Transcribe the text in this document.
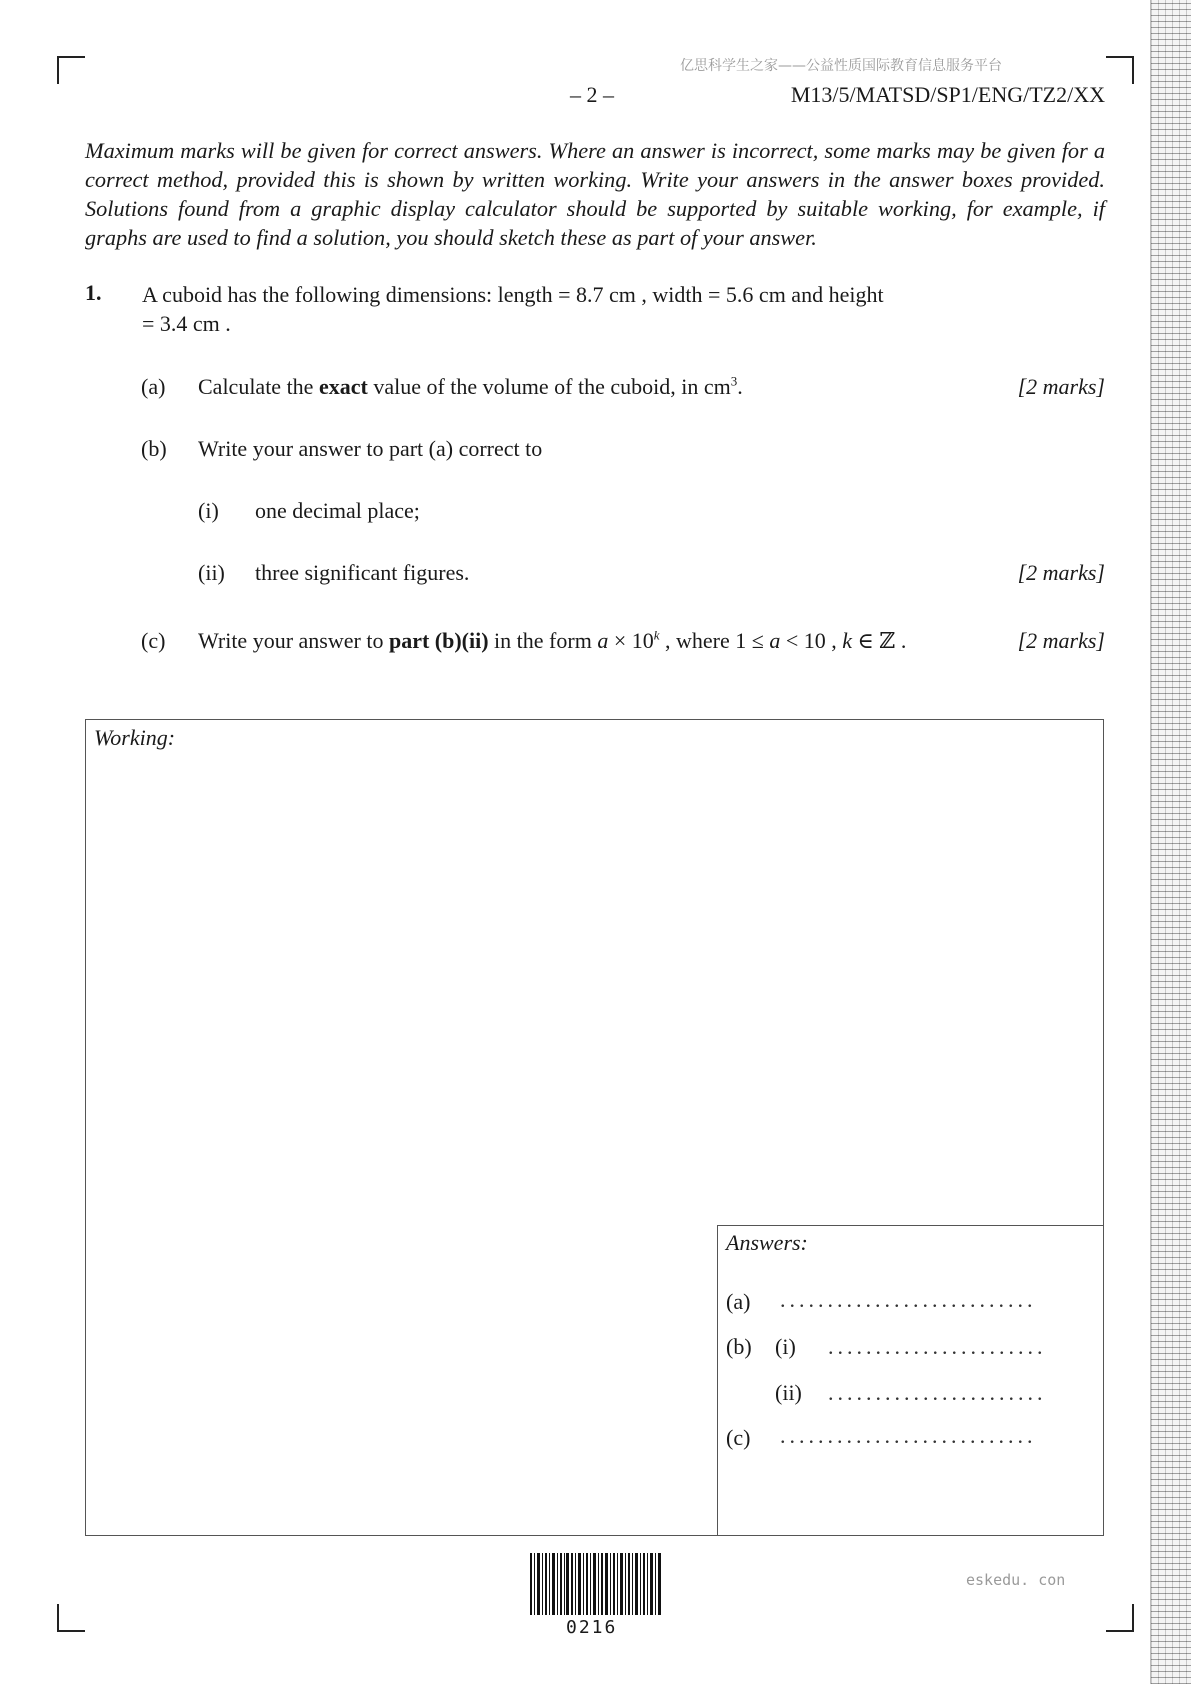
亿思科学生之家——公益性质国际教育信息服务平台
– 2 –	M13/5/MATSD/SP1/ENG/TZ2/XX
Maximum marks will be given for correct answers. Where an answer is incorrect, some marks may be given for a correct method, provided this is shown by written working. Write your answers in the answer boxes provided. Solutions found from a graphic display calculator should be supported by suitable working, for example, if graphs are used to find a solution, you should sketch these as part of your answer.
1. A cuboid has the following dimensions: length = 8.7 cm , width = 5.6 cm and height
= 3.4 cm .
(a) Calculate the exact value of the volume of the cuboid, in $cm^3$.	[2 marks]
(b) Write your answer to part (a) correct to
(i) one decimal place;
(ii) three significant figures.	[2 marks]
(c) Write your answer to part (b)(ii) in the form $a \times 10^k$ , where 1 ≤ a < 10 , k ∈ ℤ .	[2 marks]
Working:
Answers:
(a) ...........................
(b) (i) .......................
(ii) .......................
(c) ...........................
0216
eskedu. con
